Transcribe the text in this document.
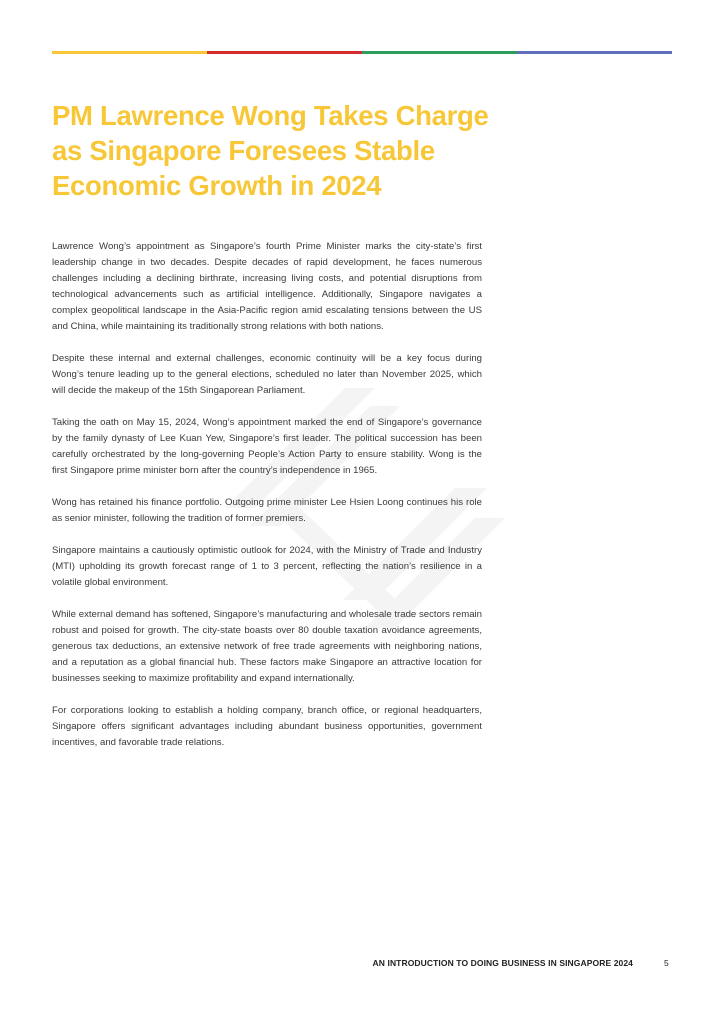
PM Lawrence Wong Takes Charge
as Singapore Foresees Stable
Economic Growth in 2024

Lawrence Wong’s appointment as Singapore’s fourth Prime Minister marks the city-state’s first leadership change in two decades. Despite decades of rapid development, he faces numerous challenges including a declining birthrate, increasing living costs, and potential disruptions from technological advancements such as artificial intelligence. Additionally, Singapore navigates a complex geopolitical landscape in the Asia-Pacific region amid escalating tensions between the US and China, while maintaining its traditionally strong relations with both nations.

Despite these internal and external challenges, economic continuity will be a key focus during Wong’s tenure leading up to the general elections, scheduled no later than November 2025, which will decide the makeup of the 15th Singaporean Parliament.

Taking the oath on May 15, 2024, Wong’s appointment marked the end of Singapore’s governance by the family dynasty of Lee Kuan Yew, Singapore’s first leader. The political succession has been carefully orchestrated by the long-governing People’s Action Party to ensure stability. Wong is the first Singapore prime minister born after the country’s independence in 1965.

Wong has retained his finance portfolio. Outgoing prime minister Lee Hsien Loong continues his role as senior minister, following the tradition of former premiers.

Singapore maintains a cautiously optimistic outlook for 2024, with the Ministry of Trade and Industry (MTI) upholding its growth forecast range of 1 to 3 percent, reflecting the nation’s resilience in a volatile global environment.

While external demand has softened, Singapore’s manufacturing and wholesale trade sectors remain robust and poised for growth. The city-state boasts over 80 double taxation avoidance agreements, generous tax deductions, an extensive network of free trade agreements with neighboring nations, and a reputation as a global financial hub. These factors make Singapore an attractive location for businesses seeking to maximize profitability and expand internationally.

For corporations looking to establish a holding company, branch office, or regional headquarters, Singapore offers significant advantages including abundant business opportunities, government incentives, and favorable trade relations.

AN INTRODUCTION TO DOING BUSINESS IN SINGAPORE 2024	5
